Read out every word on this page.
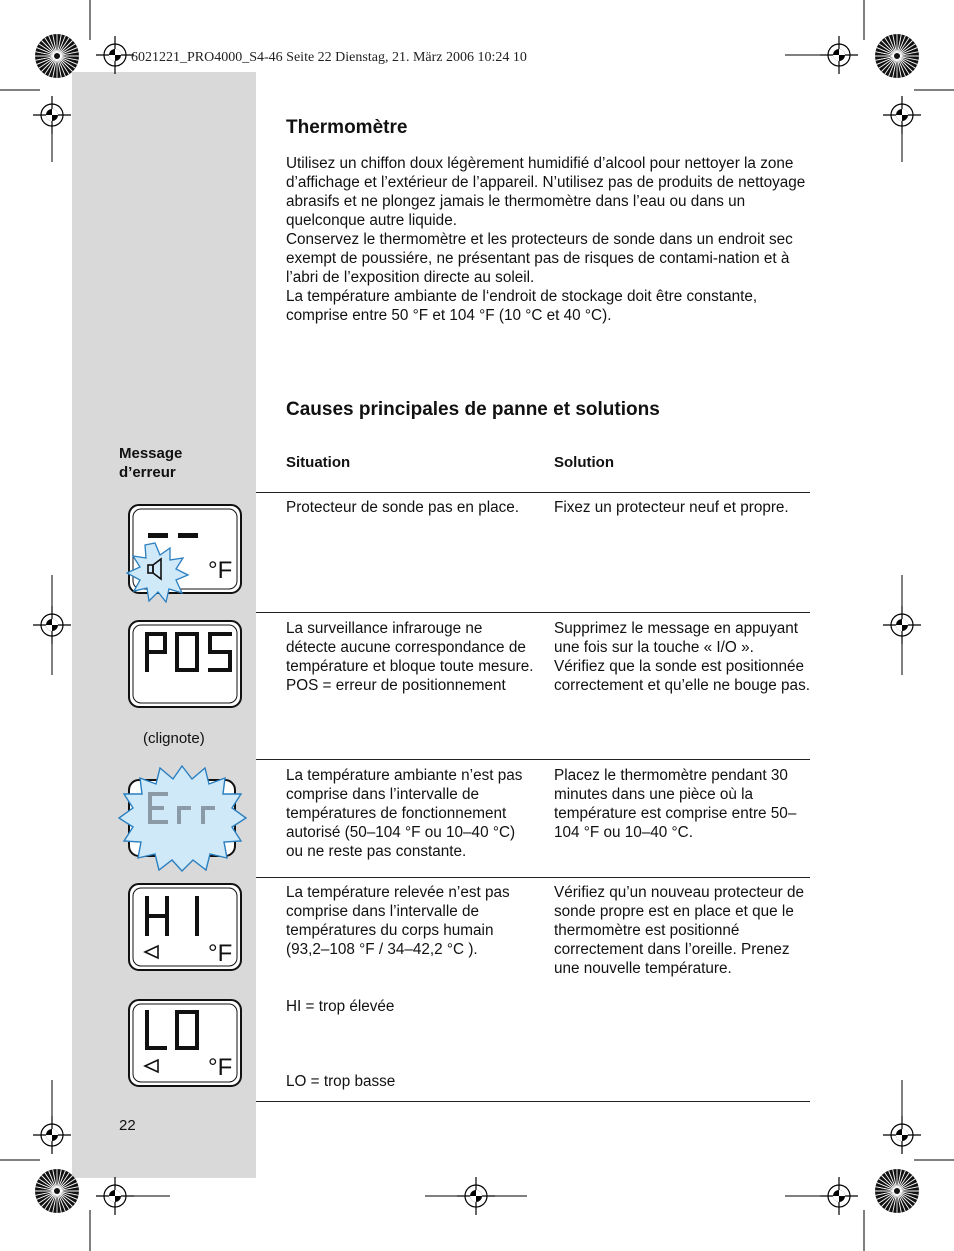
6021221_PRO4000_S4-46 Seite 22 Dienstag, 21. März 2006 10:24 10
Thermomètre

Utilisez un chiffon doux légèrement humidifié d’alcool pour nettoyer la zone d’affichage et l’extérieur de l’appareil. N’utilisez pas de produits de nettoyage abrasifs et ne plongez jamais le thermomètre dans l’eau ou dans un quelconque autre liquide.

Conservez le thermomètre et les protecteurs de sonde dans un endroit sec exempt de poussiére, ne présentant pas de risques de contami-nation et à l’abri de l’exposition directe au soleil.

La température ambiante de l‘endroit de stockage doit être constante, comprise entre 50 °F et 104 °F (10 °C et 40 °C).

Causes principales de panne et solutions
Message d’erreur
Situation	Solution
°F

Protecteur de sonde pas en place.	Fixez un protecteur neuf et propre.

(clignote)

La surveillance infrarouge ne détecte aucune correspondance de température et bloque toute mesure.

POS = erreur de positionnement

Supprimez le message en appuyant une fois sur la touche « I/O ».

Vérifiez que la sonde est positionnée correctement et qu’elle ne bouge pas.

La température ambiante n’est pas comprise dans l’intervalle de températures de fonctionnement autorisé (50–104 °F ou 10–40 °C) ou ne reste pas constante.

Placez le thermomètre pendant 30 minutes dans une pièce où la température est comprise entre 50–104 °F ou 10–40 °C.

°F
°F

La température relevée n’est pas comprise dans l’intervalle de températures du corps humain (93,2–108 °F / 34–42,2 °C ).

Vérifiez qu’un nouveau protecteur de sonde propre est en place et que le thermomètre est positionné correctement dans l’oreille. Prenez une nouvelle température.

HI = trop élevée
LO = trop basse
22
